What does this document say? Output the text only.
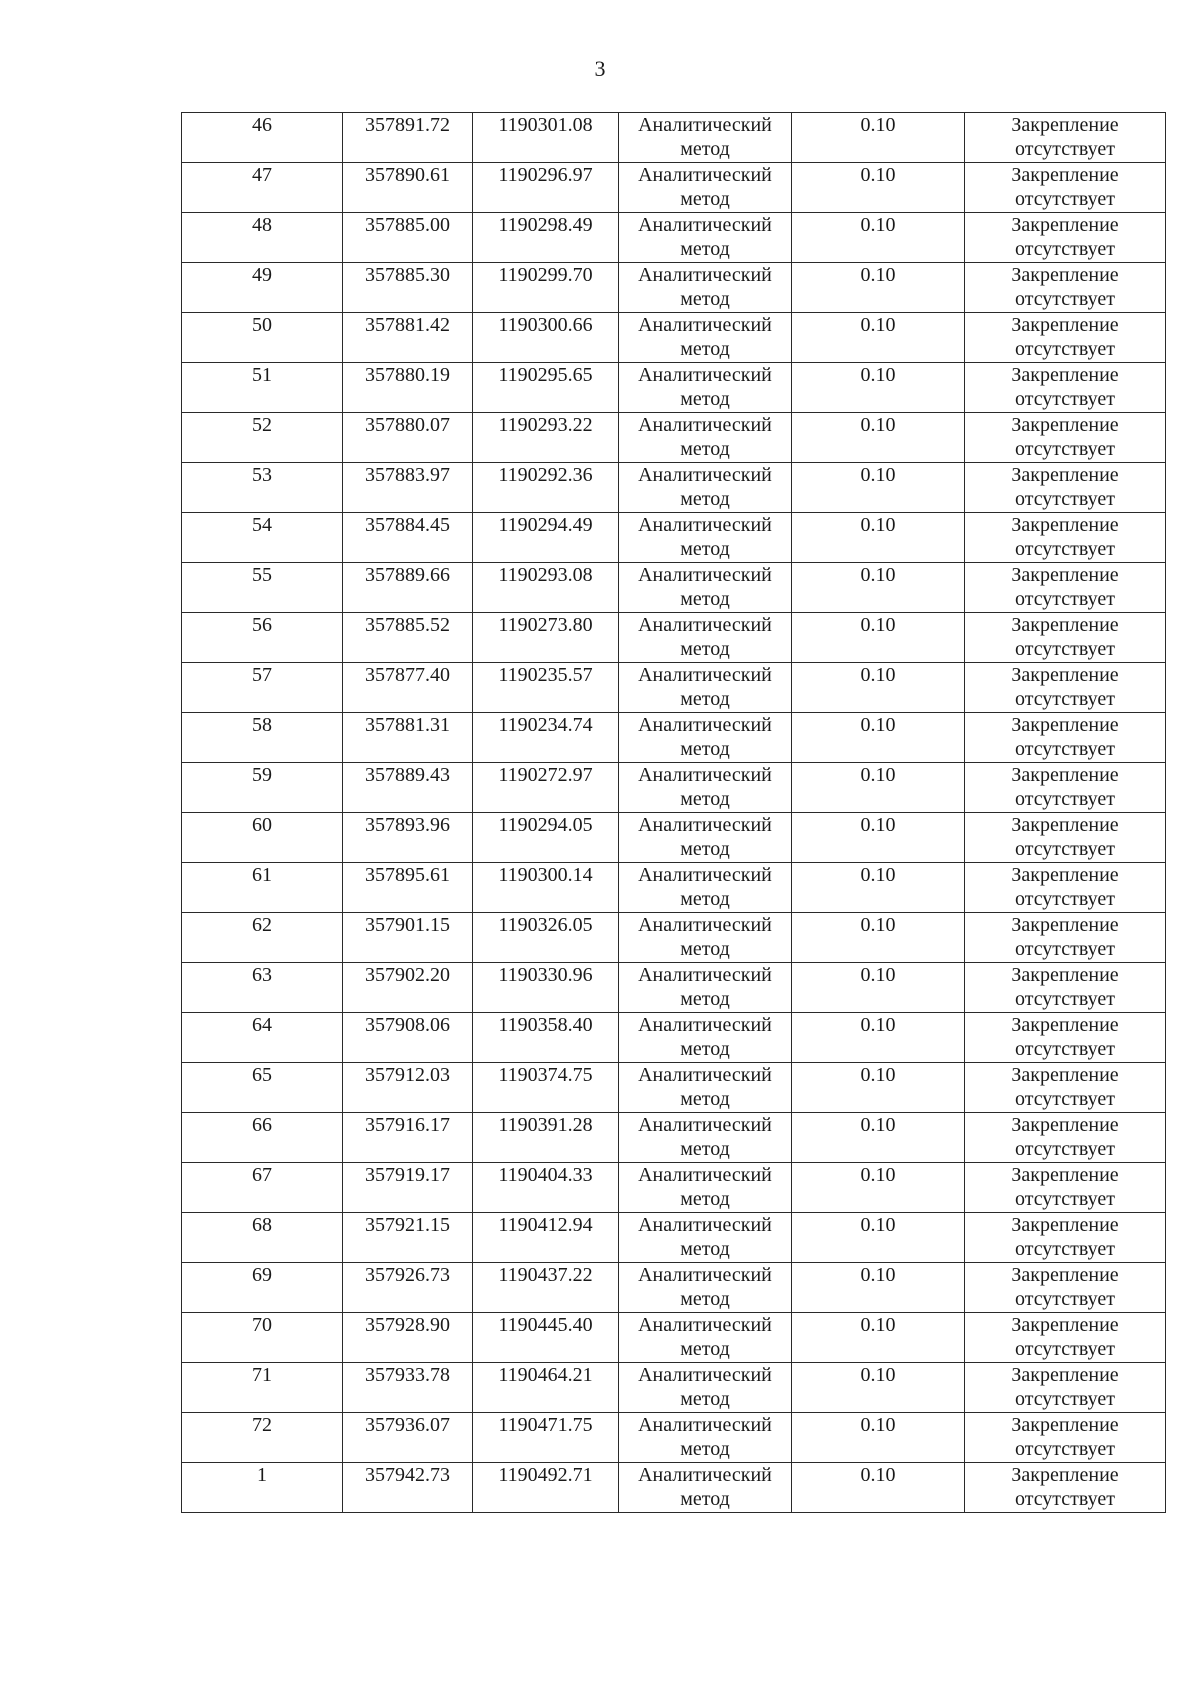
3
46	357891.72	1190301.08	Аналитический
метод	0.10	Закрепление
отсутствует

47	357890.61	1190296.97	Аналитический
метод	0.10	Закрепление
отсутствует

48	357885.00	1190298.49	Аналитический
метод	0.10	Закрепление
отсутствует

49	357885.30	1190299.70	Аналитический
метод	0.10	Закрепление
отсутствует

50	357881.42	1190300.66	Аналитический
метод	0.10	Закрепление
отсутствует

51	357880.19	1190295.65	Аналитический
метод	0.10	Закрепление
отсутствует

52	357880.07	1190293.22	Аналитический
метод	0.10	Закрепление
отсутствует

53	357883.97	1190292.36	Аналитический
метод	0.10	Закрепление
отсутствует

54	357884.45	1190294.49	Аналитический
метод	0.10	Закрепление
отсутствует

55	357889.66	1190293.08	Аналитический
метод	0.10	Закрепление
отсутствует

56	357885.52	1190273.80	Аналитический
метод	0.10	Закрепление
отсутствует

57	357877.40	1190235.57	Аналитический
метод	0.10	Закрепление
отсутствует

58	357881.31	1190234.74	Аналитический
метод	0.10	Закрепление
отсутствует

59	357889.43	1190272.97	Аналитический
метод	0.10	Закрепление
отсутствует

60	357893.96	1190294.05	Аналитический
метод	0.10	Закрепление
отсутствует

61	357895.61	1190300.14	Аналитический
метод	0.10	Закрепление
отсутствует

62	357901.15	1190326.05	Аналитический
метод	0.10	Закрепление
отсутствует

63	357902.20	1190330.96	Аналитический
метод	0.10	Закрепление
отсутствует

64	357908.06	1190358.40	Аналитический
метод	0.10	Закрепление
отсутствует

65	357912.03	1190374.75	Аналитический
метод	0.10	Закрепление
отсутствует

66	357916.17	1190391.28	Аналитический
метод	0.10	Закрепление
отсутствует

67	357919.17	1190404.33	Аналитический
метод	0.10	Закрепление
отсутствует

68	357921.15	1190412.94	Аналитический
метод	0.10	Закрепление
отсутствует

69	357926.73	1190437.22	Аналитический
метод	0.10	Закрепление
отсутствует

70	357928.90	1190445.40	Аналитический
метод	0.10	Закрепление
отсутствует

71	357933.78	1190464.21	Аналитический
метод	0.10	Закрепление
отсутствует

72	357936.07	1190471.75	Аналитический
метод	0.10	Закрепление
отсутствует

1	357942.73	1190492.71	Аналитический
метод	0.10	Закрепление
отсутствует
